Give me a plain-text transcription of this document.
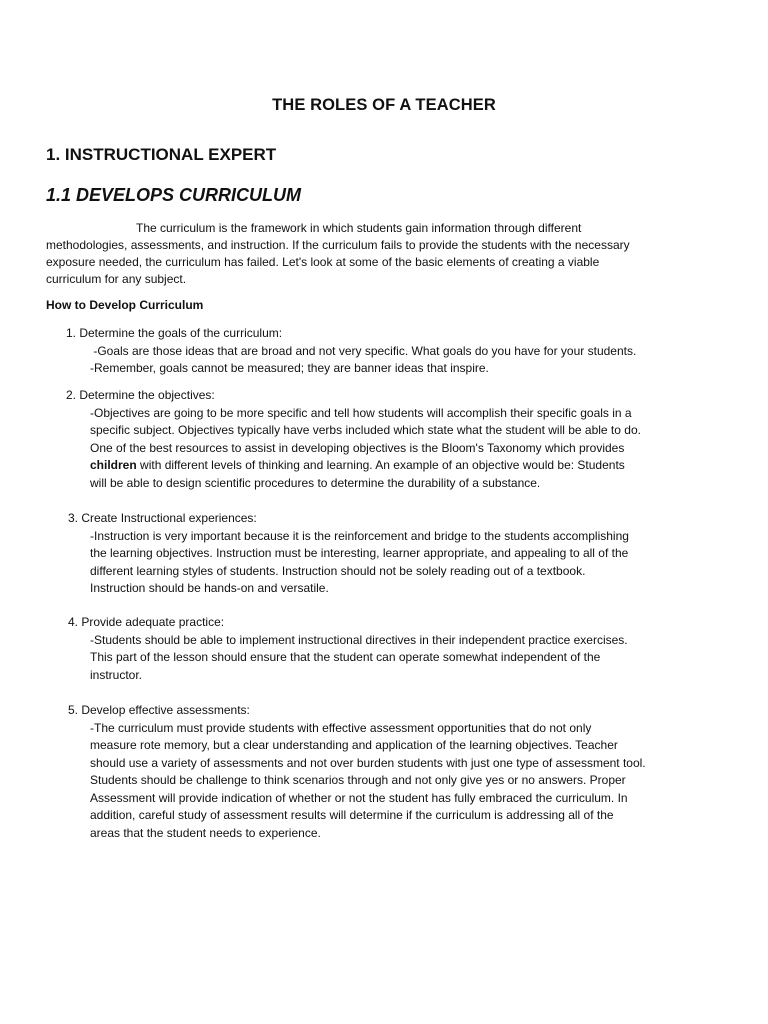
THE ROLES OF A TEACHER
1. INSTRUCTIONAL EXPERT
1.1 DEVELOPS CURRICULUM
The curriculum is the framework in which students gain information through different
methodologies, assessments, and instruction. If the curriculum fails to provide the students with the necessary
exposure needed, the curriculum has failed. Let's look at some of the basic elements of creating a viable
curriculum for any subject.
How to Develop Curriculum
1. Determine the goals of the curriculum:
-Goals are those ideas that are broad and not very specific. What goals do you have for your students.
-Remember, goals cannot be measured; they are banner ideas that inspire.
2. Determine the objectives:
-Objectives are going to be more specific and tell how students will accomplish their specific goals in a
specific subject. Objectives typically have verbs included which state what the student will be able to do.
One of the best resources to assist in developing objectives is the Bloom's Taxonomy which provides
children with different levels of thinking and learning. An example of an objective would be: Students
will be able to design scientific procedures to determine the durability of a substance.
3. Create Instructional experiences:
-Instruction is very important because it is the reinforcement and bridge to the students accomplishing
the learning objectives. Instruction must be interesting, learner appropriate, and appealing to all of the
different learning styles of students. Instruction should not be solely reading out of a textbook.
Instruction should be hands-on and versatile.
4. Provide adequate practice:
-Students should be able to implement instructional directives in their independent practice exercises.
This part of the lesson should ensure that the student can operate somewhat independent of the
instructor.
5. Develop effective assessments:
-The curriculum must provide students with effective assessment opportunities that do not only
measure rote memory, but a clear understanding and application of the learning objectives. Teacher
should use a variety of assessments and not over burden students with just one type of assessment tool.
Students should be challenge to think scenarios through and not only give yes or no answers. Proper
Assessment will provide indication of whether or not the student has fully embraced the curriculum. In
addition, careful study of assessment results will determine if the curriculum is addressing all of the
areas that the student needs to experience.
